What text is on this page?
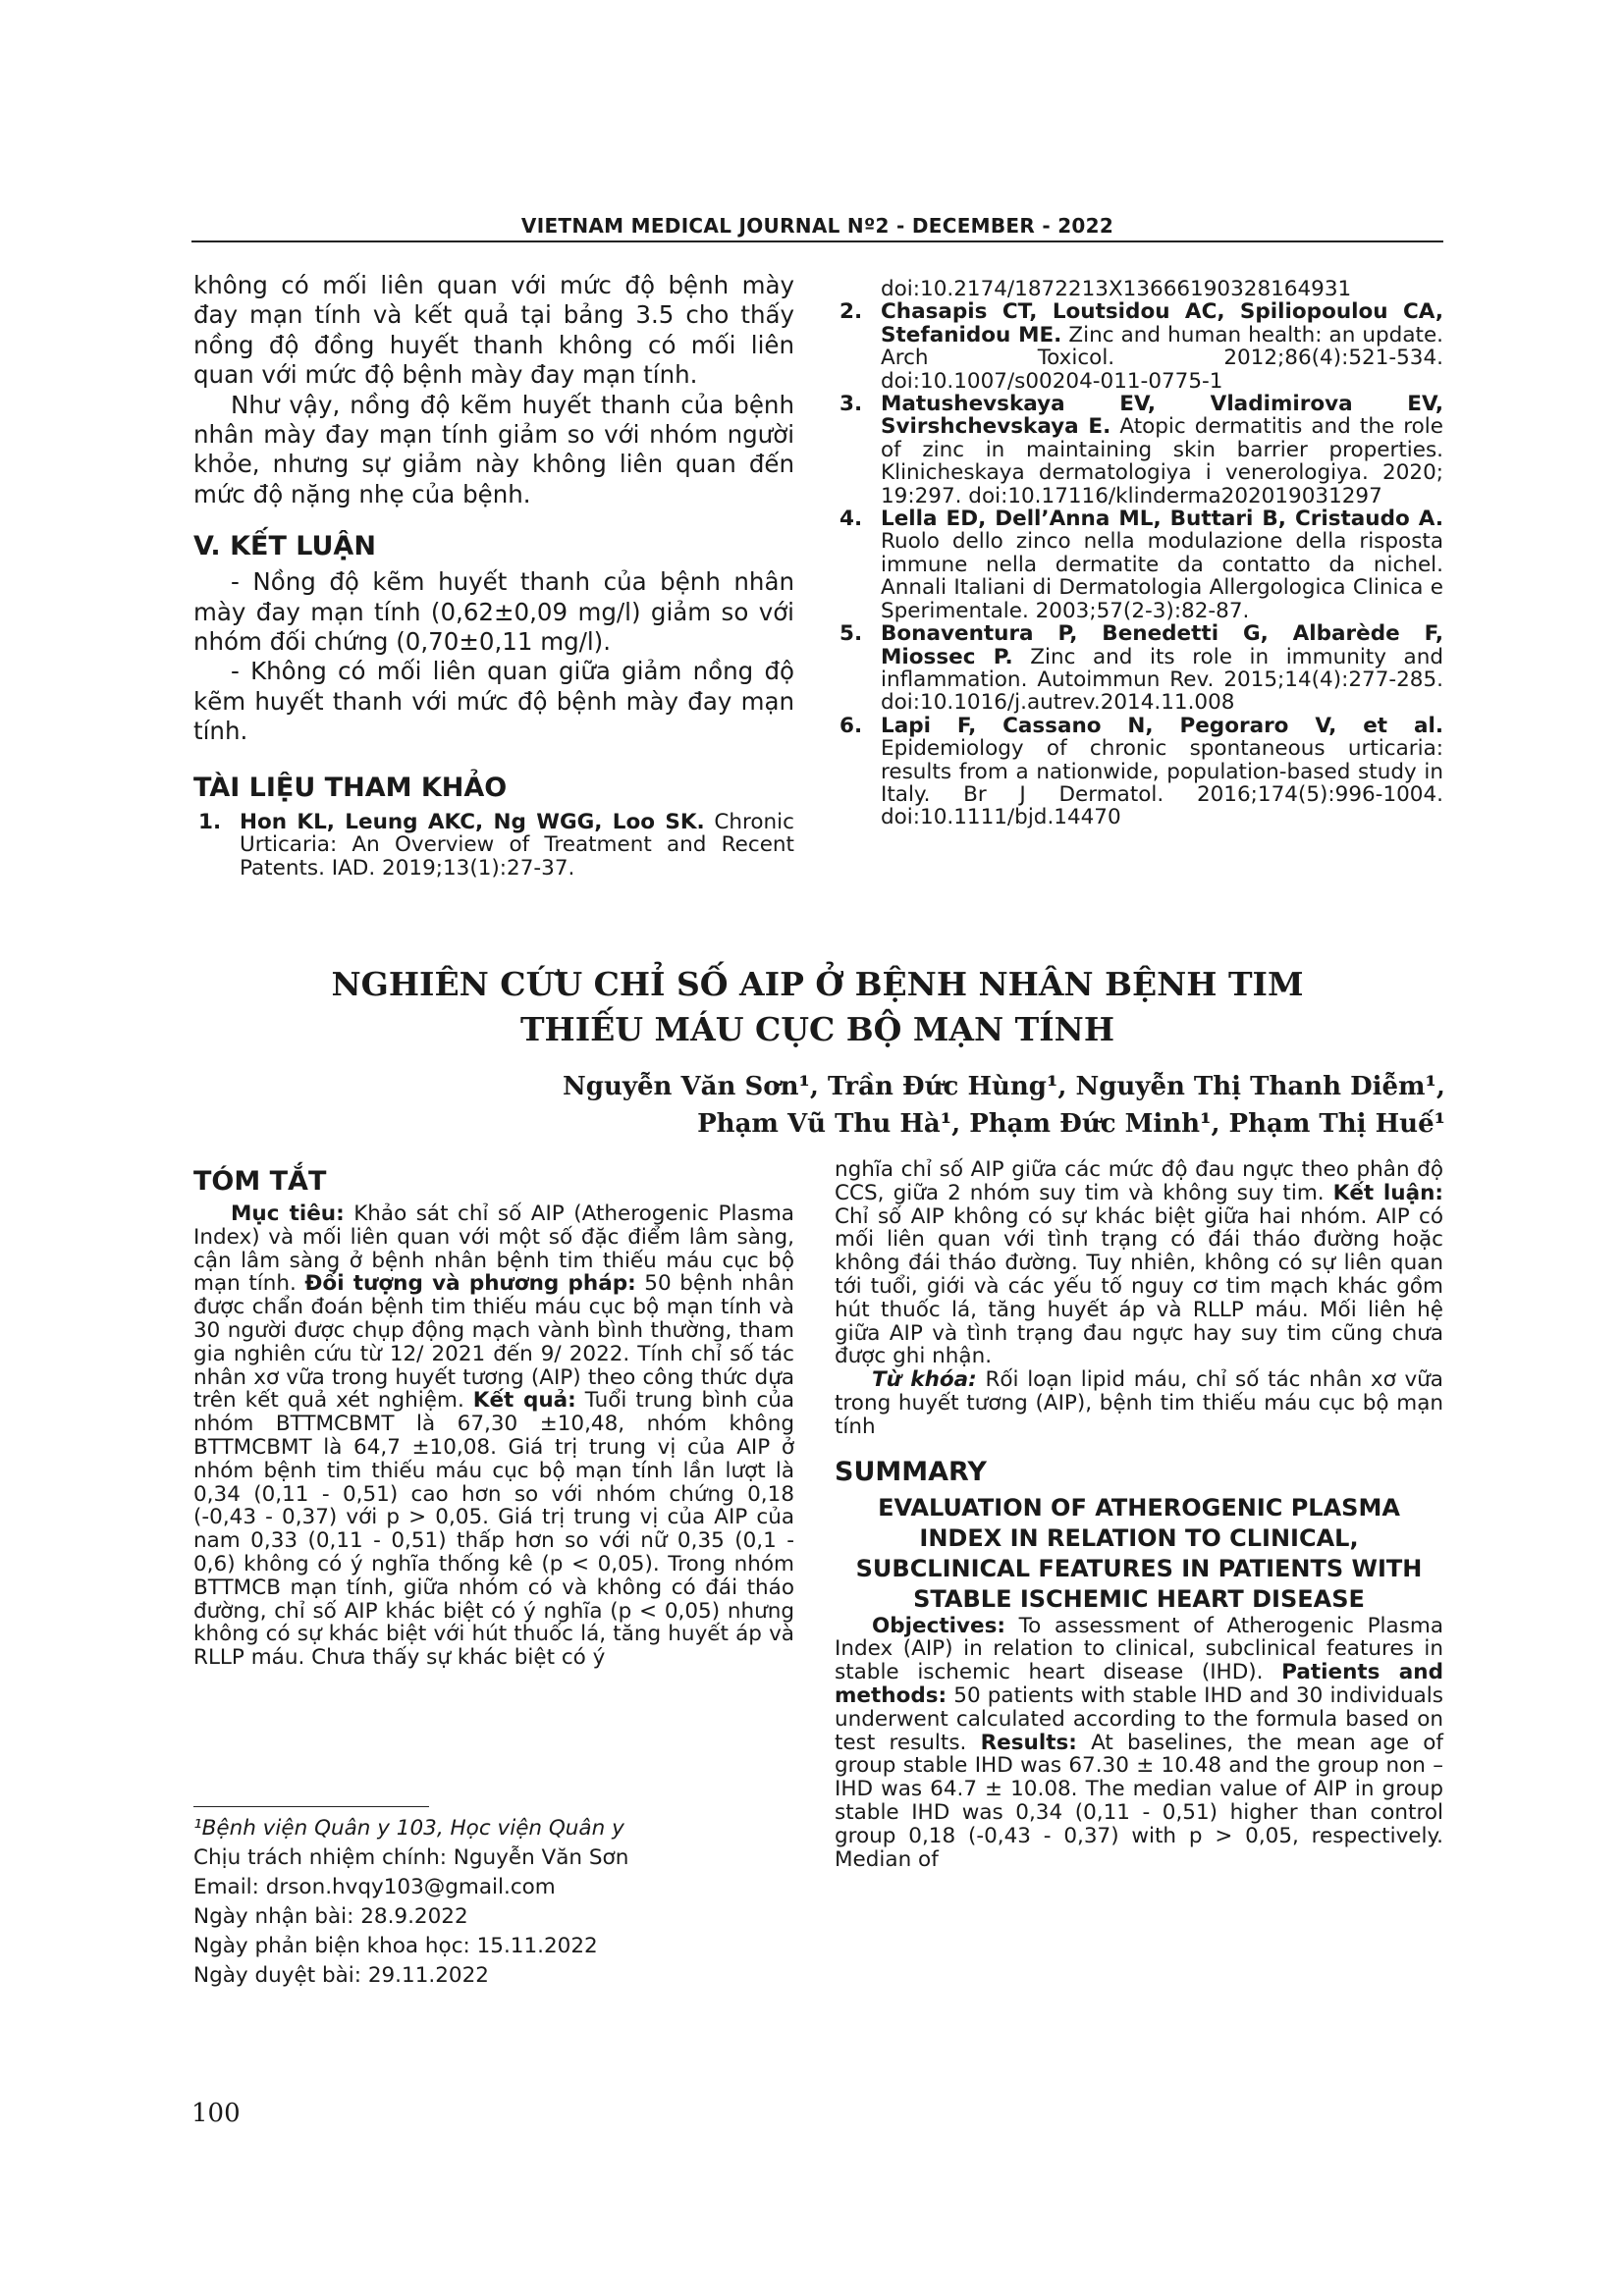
VIETNAM MEDICAL JOURNAL Nº2 - DECEMBER - 2022

không có mối liên quan với mức độ bệnh mày đay mạn tính và kết quả tại bảng 3.5 cho thấy nồng độ đồng huyết thanh không có mối liên quan với mức độ bệnh mày đay mạn tính.

Như vậy, nồng độ kẽm huyết thanh của bệnh nhân mày đay mạn tính giảm so với nhóm người khỏe, nhưng sự giảm này không liên quan đến mức độ nặng nhẹ của bệnh.

V. KẾT LUẬN

- Nồng độ kẽm huyết thanh của bệnh nhân mày đay mạn tính (0,62±0,09 mg/l) giảm so với nhóm đối chứng (0,70±0,11 mg/l).

- Không có mối liên quan giữa giảm nồng độ kẽm huyết thanh với mức độ bệnh mày đay mạn tính.

TÀI LIỆU THAM KHẢO

1. Hon KL, Leung AKC, Ng WGG, Loo SK. Chronic Urticaria: An Overview of Treatment and Recent Patents. IAD. 2019;13(1):27-37.
doi:10.2174/1872213X13666190328164931
2. Chasapis CT, Loutsidou AC, Spiliopoulou CA, Stefanidou ME. Zinc and human health: an update. Arch Toxicol. 2012;86(4):521-534. doi:10.1007/s00204-011-0775-1
3. Matushevskaya EV, Vladimirova EV, Svirshchevskaya E. Atopic dermatitis and the role of zinc in maintaining skin barrier properties. Klinicheskaya dermatologiya i venerologiya. 2020; 19:297. doi:10.17116/klinderma202019031297
4. Lella ED, Dell’Anna ML, Buttari B, Cristaudo A. Ruolo dello zinco nella modulazione della risposta immune nella dermatite da contatto da nichel. Annali Italiani di Dermatologia Allergologica Clinica e Sperimentale. 2003;57(2-3):82-87.
5. Bonaventura P, Benedetti G, Albarède F, Miossec P. Zinc and its role in immunity and inflammation. Autoimmun Rev. 2015;14(4):277-285. doi:10.1016/j.autrev.2014.11.008
6. Lapi F, Cassano N, Pegoraro V, et al. Epidemiology of chronic spontaneous urticaria: results from a nationwide, population-based study in Italy. Br J Dermatol. 2016;174(5):996-1004. doi:10.1111/bjd.14470
NGHIÊN CỨU CHỈ SỐ AIP Ở BỆNH NHÂN BỆNH TIM
THIẾU MÁU CỤC BỘ MẠN TÍNH
Nguyễn Văn Sơn¹, Trần Đức Hùng¹, Nguyễn Thị Thanh Diễm¹,
Phạm Vũ Thu Hà¹, Phạm Đức Minh¹, Phạm Thị Huế¹

TÓM TẮT

Mục tiêu: Khảo sát chỉ số AIP (Atherogenic Plasma Index) và mối liên quan với một số đặc điểm lâm sàng, cận lâm sàng ở bệnh nhân bệnh tim thiếu máu cục bộ mạn tính. Đối tượng và phương pháp: 50 bệnh nhân được chẩn đoán bệnh tim thiếu máu cục bộ mạn tính và 30 người được chụp động mạch vành bình thường, tham gia nghiên cứu từ 12/ 2021 đến 9/ 2022. Tính chỉ số tác nhân xơ vữa trong huyết tương (AIP) theo công thức dựa trên kết quả xét nghiệm. Kết quả: Tuổi trung bình của nhóm BTTMCBMT là 67,30 ±10,48, nhóm không BTTMCBMT là 64,7 ±10,08. Giá trị trung vị của AIP ở nhóm bệnh tim thiếu máu cục bộ mạn tính lần lượt là 0,34 (0,11 - 0,51) cao hơn so với nhóm chứng 0,18 (-0,43 - 0,37) với p > 0,05. Giá trị trung vị của AIP của nam 0,33 (0,11 - 0,51) thấp hơn so với nữ 0,35 (0,1 - 0,6) không có ý nghĩa thống kê (p < 0,05). Trong nhóm BTTMCB mạn tính, giữa nhóm có và không có đái tháo đường, chỉ số AIP khác biệt có ý nghĩa (p < 0,05) nhưng không có sự khác biệt với hút thuốc lá, tăng huyết áp và RLLP máu. Chưa thấy sự khác biệt có ý

nghĩa chỉ số AIP giữa các mức độ đau ngực theo phân độ CCS, giữa 2 nhóm suy tim và không suy tim. Kết luận: Chỉ số AIP không có sự khác biệt giữa hai nhóm. AIP có mối liên quan với tình trạng có đái tháo đường hoặc không đái tháo đường. Tuy nhiên, không có sự liên quan tới tuổi, giới và các yếu tố nguy cơ tim mạch khác gồm hút thuốc lá, tăng huyết áp và RLLP máu. Mối liên hệ giữa AIP và tình trạng đau ngực hay suy tim cũng chưa được ghi nhận.

Từ khóa: Rối loạn lipid máu, chỉ số tác nhân xơ vữa trong huyết tương (AIP), bệnh tim thiếu máu cục bộ mạn tính

SUMMARY

EVALUATION OF ATHEROGENIC PLASMA INDEX IN RELATION TO CLINICAL, SUBCLINICAL FEATURES IN PATIENTS WITH STABLE ISCHEMIC HEART DISEASE

Objectives: To assessment of Atherogenic Plasma Index (AIP) in relation to clinical, subclinical features in stable ischemic heart disease (IHD). Patients and methods: 50 patients with stable IHD and 30 individuals underwent calculated according to the formula based on test results. Results: At baselines, the mean age of group stable IHD was 67.30 ± 10.48 and the group non – IHD was 64.7 ± 10.08. The median value of AIP in group stable IHD was 0,34 (0,11 - 0,51) higher than control group 0,18 (-0,43 - 0,37) with p > 0,05, respectively. Median of

¹Bệnh viện Quân y 103, Học viện Quân y
Chịu trách nhiệm chính: Nguyễn Văn Sơn
Email: drson.hvqy103@gmail.com
Ngày nhận bài: 28.9.2022
Ngày phản biện khoa học: 15.11.2022
Ngày duyệt bài: 29.11.2022
100
